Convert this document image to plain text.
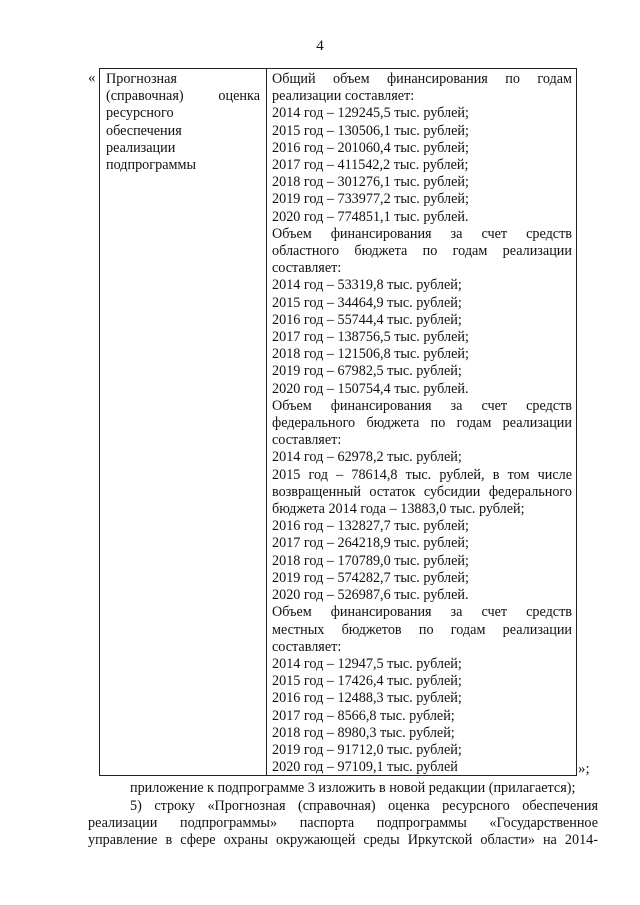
4
« Прогнозная
(справочная) оценка
ресурсного
обеспечения
реализации
подпрограммы
Общий объем финансирования по годам
реализации составляет:
2014 год – 129245,5 тыс. рублей;
2015 год – 130506,1 тыс. рублей;
2016 год – 201060,4 тыс. рублей;
2017 год – 411542,2 тыс. рублей;
2018 год – 301276,1 тыс. рублей;
2019 год – 733977,2 тыс. рублей;
2020 год – 774851,1 тыс. рублей.
Объем финансирования за счет средств
областного бюджета по годам реализации
составляет:
2014 год – 53319,8 тыс. рублей;
2015 год – 34464,9 тыс. рублей;
2016 год – 55744,4 тыс. рублей;
2017 год – 138756,5 тыс. рублей;
2018 год – 121506,8 тыс. рублей;
2019 год – 67982,5 тыс. рублей;
2020 год – 150754,4 тыс. рублей.
Объем финансирования за счет средств
федерального бюджета по годам реализации
составляет:
2014 год – 62978,2 тыс. рублей;
2015 год – 78614,8 тыс. рублей, в том числе
возвращенный остаток субсидии федерального
бюджета 2014 года – 13883,0 тыс. рублей;
2016 год – 132827,7 тыс. рублей;
2017 год – 264218,9 тыс. рублей;
2018 год – 170789,0 тыс. рублей;
2019 год – 574282,7 тыс. рублей;
2020 год – 526987,6 тыс. рублей.
Объем финансирования за счет средств
местных бюджетов по годам реализации
составляет:
2014 год – 12947,5 тыс. рублей;
2015 год – 17426,4 тыс. рублей;
2016 год – 12488,3 тыс. рублей;
2017 год – 8566,8 тыс. рублей;
2018 год – 8980,3 тыс. рублей;
2019 год – 91712,0 тыс. рублей;
2020 год – 97109,1 тыс. рублей	»;
приложение к подпрограмме 3 изложить в новой редакции (прилагается);
5) строку «Прогнозная (справочная) оценка ресурсного обеспечения
реализации подпрограммы» паспорта подпрограммы «Государственное
управление в сфере охраны окружающей среды Иркутской области» на 2014-
